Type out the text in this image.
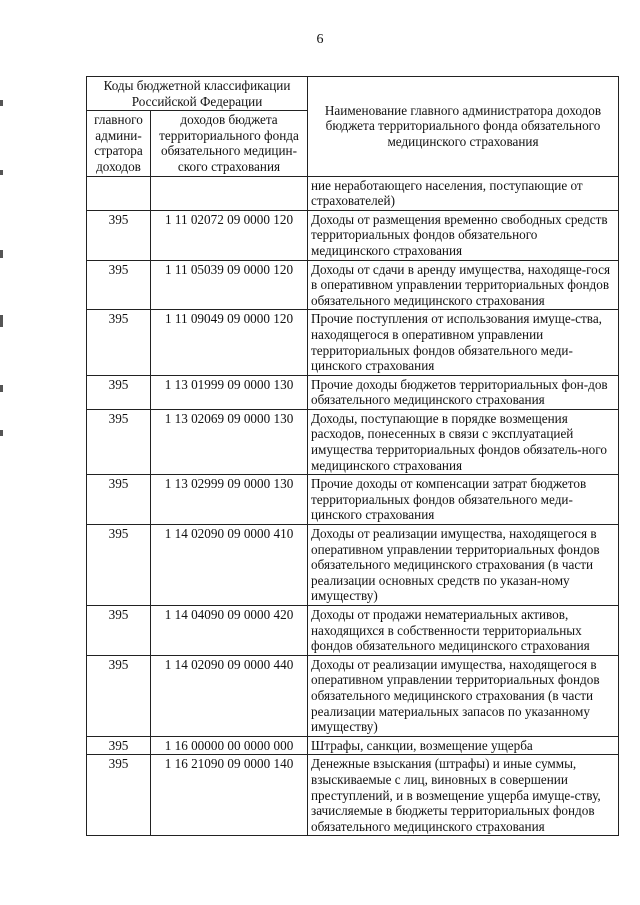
6
Коды бюджетной классификации Российской Федерации		Наименование главного администратора доходов бюджета территориального фонда обязательного медицинского страхования
главного админи-стратора доходов	доходов бюджета территориального фонда обязательного медицин-ского страхования	
		ние неработающего населения, поступающие от страхователей)
395	1 11 02072 09 0000 120	Доходы от размещения временно свободных средств территориальных фондов обязательного медицинского страхования
395	1 11 05039 09 0000 120	Доходы от сдачи в аренду имущества, находяще-гося в оперативном управлении территориальных фондов обязательного медицинского страхования
395	1 11 09049 09 0000 120	Прочие поступления от использования имуще-ства, находящегося в оперативном управлении территориальных фондов обязательного меди-цинского страхования
395	1 13 01999 09 0000 130	Прочие доходы бюджетов территориальных фон-дов обязательного медицинского страхования
395	1 13 02069 09 0000 130	Доходы, поступающие в порядке возмещения расходов, понесенных в связи с эксплуатацией имущества территориальных фондов обязатель-ного медицинского страхования
395	1 13 02999 09 0000 130	Прочие доходы от компенсации затрат бюджетов территориальных фондов обязательного меди-цинского страхования
395	1 14 02090 09 0000 410	Доходы от реализации имущества, находящегося в оперативном управлении территориальных фондов обязательного медицинского страхования (в части реализации основных средств по указан-ному имуществу)
395	1 14 04090 09 0000 420	Доходы от продажи нематериальных активов, находящихся в собственности территориальных фондов обязательного медицинского страхования
395	1 14 02090 09 0000 440	Доходы от реализации имущества, находящегося в оперативном управлении территориальных фондов обязательного медицинского страхования (в части реализации материальных запасов по указанному имуществу)
395	1 16 00000 00 0000 000	Штрафы, санкции, возмещение ущерба
395	1 16 21090 09 0000 140	Денежные взыскания (штрафы) и иные суммы, взыскиваемые с лиц, виновных в совершении преступлений, и в возмещение ущерба имуще-ству, зачисляемые в бюджеты территориальных фондов обязательного медицинского страхования
